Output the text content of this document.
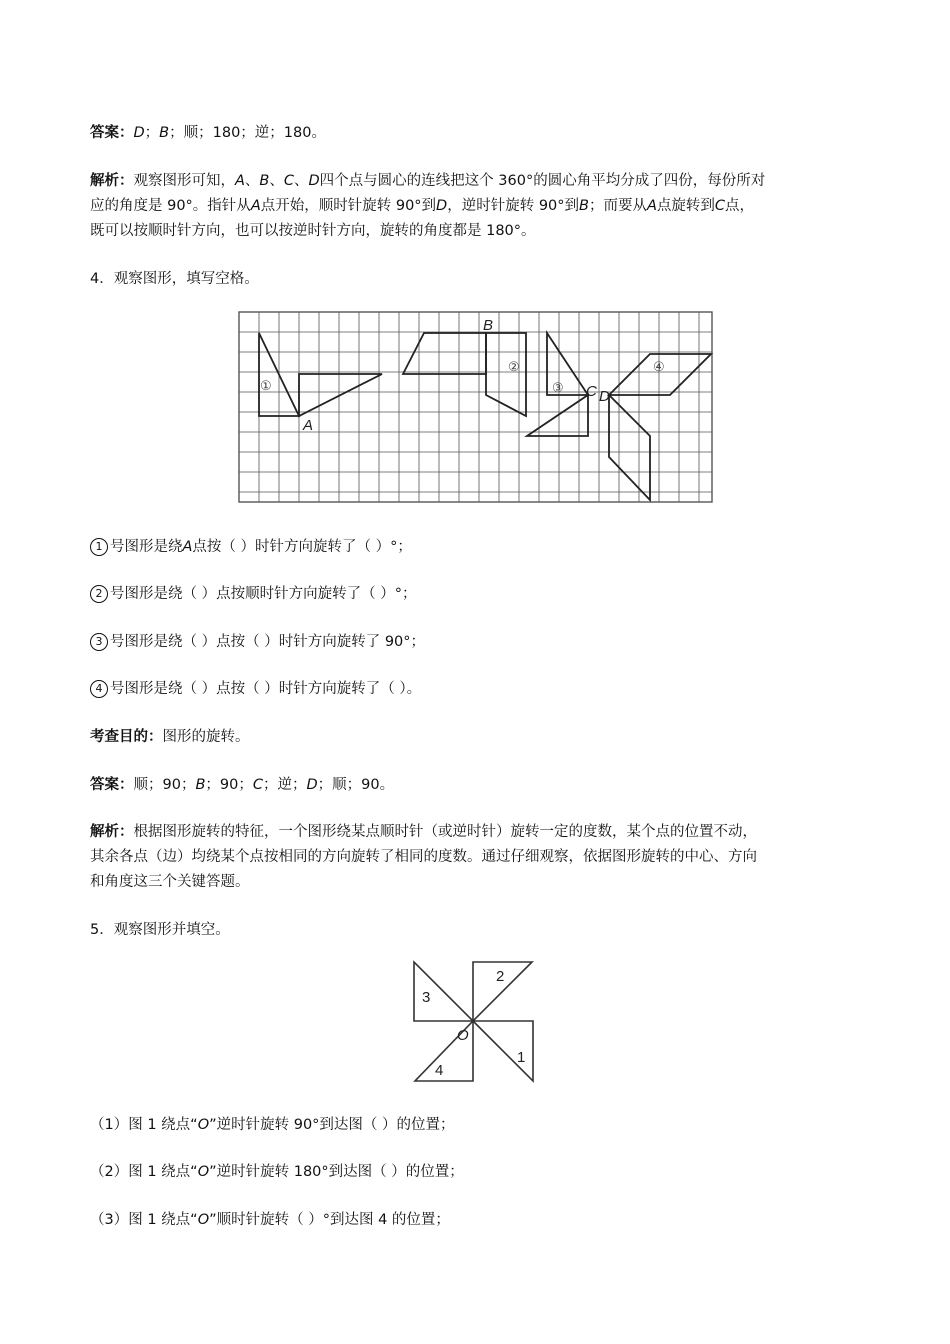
答案：D；B；顺；180；逆；180。
解析：观察图形可知，A、B、C、D四个点与圆心的连线把这个 360°的圆心角平均分成了四份，每份所对
应的角度是 90°。指针从A点开始，顺时针旋转 90°到D，逆时针旋转 90°到B；而要从A点旋转到C点，
既可以按顺时针方向，也可以按逆时针方向，旋转的角度都是 180°。
4．观察图形，填写空格。
A
B
C D
①
②
③
④
1 号图形是绕A点按（ ）时针方向旋转了（ ）°；
2 号图形是绕（ ）点按顺时针方向旋转了（ ）°；
3 号图形是绕（ ）点按（ ）时针方向旋转了 90°；
4 号图形是绕（ ）点按（ ）时针方向旋转了（ ）。
考查目的：图形的旋转。
答案：顺；90；B；90；C；逆；D；顺；90。
解析：根据图形旋转的特征，一个图形绕某点顺时针（或逆时针）旋转一定的度数，某个点的位置不动，
其余各点（边）均绕某个点按相同的方向旋转了相同的度数。通过仔细观察，依据图形旋转的中心、方向
和角度这三个关键答题。
5．观察图形并填空。
1
2
3
4
O
（1）图 1 绕点“O”逆时针旋转 90°到达图（ ）的位置；
（2）图 1 绕点“O”逆时针旋转 180°到达图（ ）的位置；
（3）图 1 绕点“O”顺时针旋转（ ）°到达图 4 的位置；
